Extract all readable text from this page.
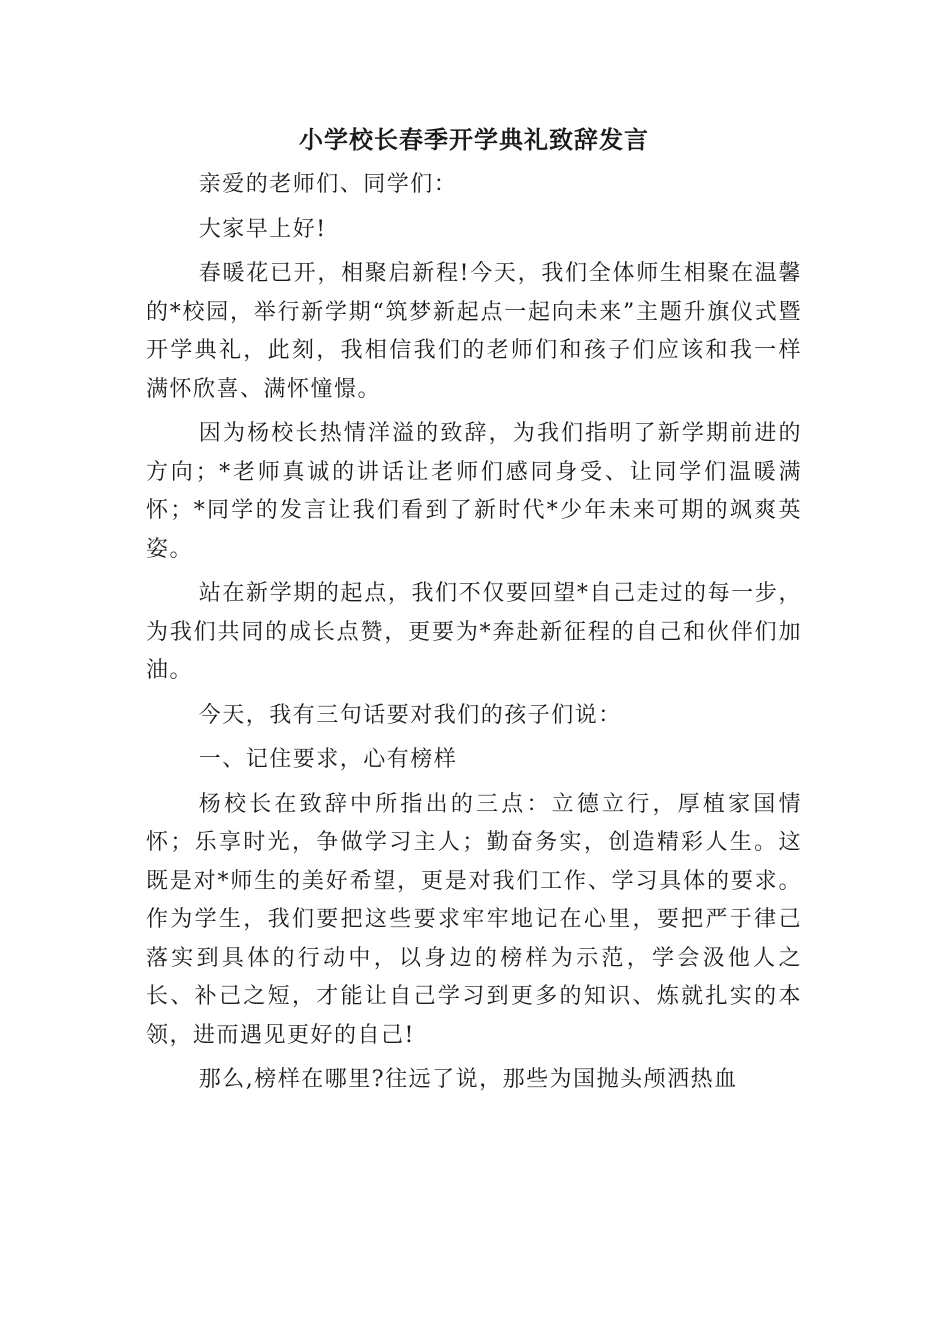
小学校长春季开学典礼致辞发言

亲爱的老师们、同学们：

大家早上好!

春暖花已开，相聚启新程!今天，我们全体师生相聚在温馨的*校园，举行新学期“筑梦新起点一起向未来”主题升旗仪式暨开学典礼，此刻，我相信我们的老师们和孩子们应该和我一样满怀欣喜、满怀憧憬。

因为杨校长热情洋溢的致辞，为我们指明了新学期前进的方向；*老师真诚的讲话让老师们感同身受、让同学们温暖满怀；*同学的发言让我们看到了新时代*少年未来可期的飒爽英姿。

站在新学期的起点，我们不仅要回望*自己走过的每一步，为我们共同的成长点赞，更要为*奔赴新征程的自己和伙伴们加油。

今天，我有三句话要对我们的孩子们说：

一、记住要求，心有榜样

杨校长在致辞中所指出的三点：立德立行，厚植家国情怀；乐享时光，争做学习主人；勤奋务实，创造精彩人生。这既是对*师生的美好希望，更是对我们工作、学习具体的要求。作为学生，我们要把这些要求牢牢地记在心里，要把严于律己落实到具体的行动中，以身边的榜样为示范，学会汲他人之长、补己之短，才能让自己学习到更多的知识、炼就扎实的本领，进而遇见更好的自己!

那么,榜样在哪里?往远了说，那些为国抛头颅洒热血
